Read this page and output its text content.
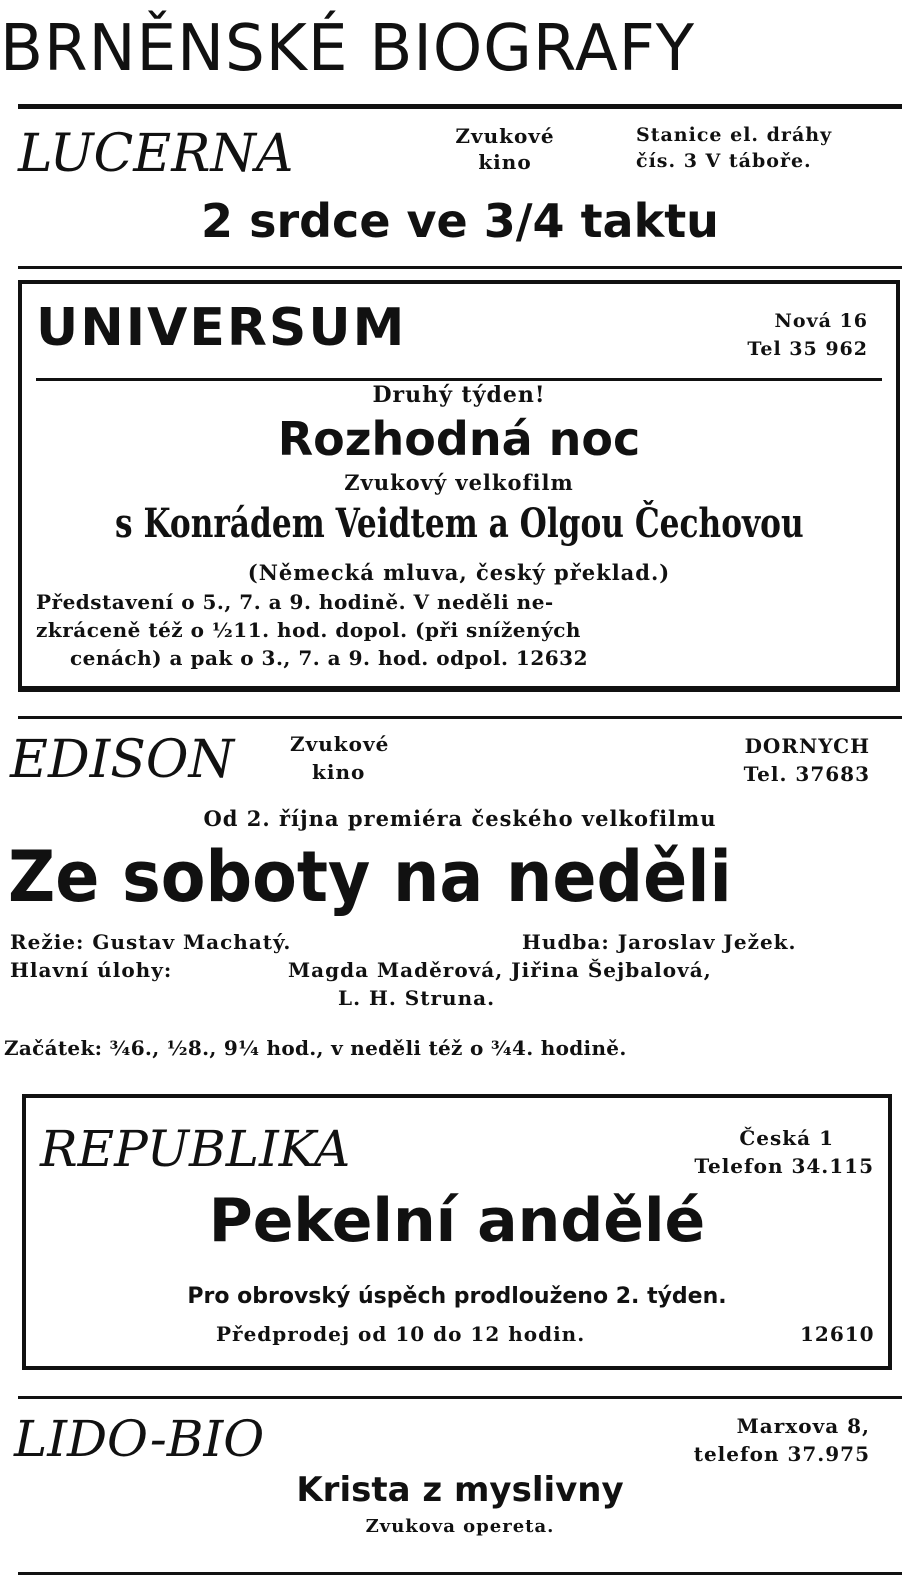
BRNĚNSKÉ BIOGRAFY
LUCERNA	Zvukové
kino
Stanice el. dráhy
čís. 3 V táboře.
2 srdce ve 3/4 taktu
UNIVERSUM	Nová 16
Tel 35 962
Druhý týden!
Rozhodná noc
Zvukový velkofilm
s Konrádem Veidtem a Olgou Čechovou
(Německá mluva, český překlad.)
Představení o 5., 7. a 9. hodině. V neděli ne-
zkráceně též o ½11. hod. dopol. (při snížených
cenách) a pak o 3., 7. a 9. hod. odpol. 12632
EDISON	Zvukové
kino
DORNYCH
Tel. 37683
Od 2. října premiéra českého velkofilmu
Ze soboty na neděli
Režie: Gustav Machatý.	Hudba: Jaroslav Ježek.
Hlavní úlohy:	Magda Maděrová, Jiřina Šejbalová,
L. H. Struna.
Začátek: ¾6., ½8., 9¼ hod., v neděli též o ¾4. hodině.
REPUBLIKA	Česká 1
Telefon 34.115
Pekelní andělé
Pro obrovský úspěch prodlouženo 2. týden.
Předprodej od 10 do 12 hodin.	12610
LIDO-BIO	Marxova 8,
telefon 37.975
Krista z myslivny
Zvukova opereta.
